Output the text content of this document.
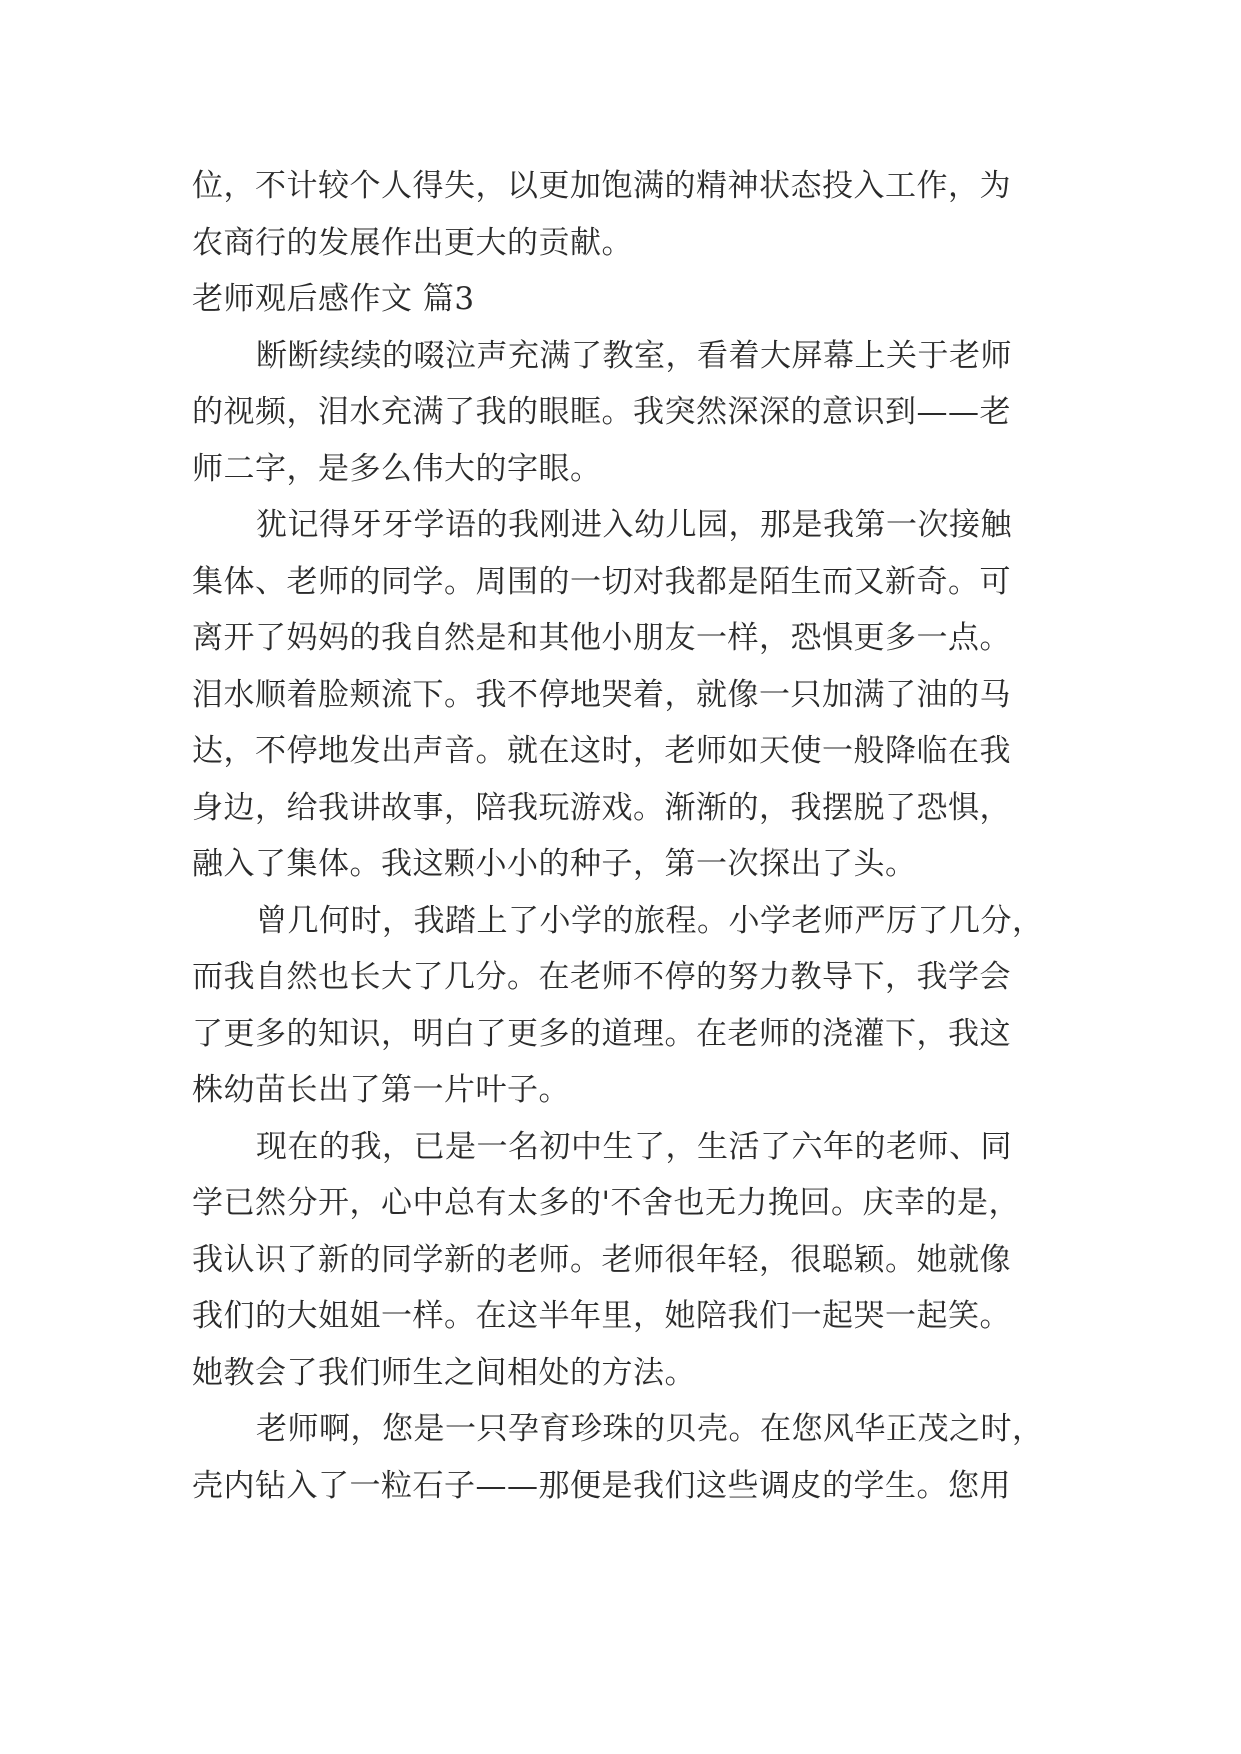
位，不计较个人得失，以更加饱满的精神状态投入工作，为
农商行的发展作出更大的贡献。
老师观后感作文 篇3
断断续续的啜泣声充满了教室，看着大屏幕上关于老师
的视频，泪水充满了我的眼眶。我突然深深的意识到——老
师二字，是多么伟大的字眼。
犹记得牙牙学语的我刚进入幼儿园，那是我第一次接触
集体、老师的同学。周围的一切对我都是陌生而又新奇。可
离开了妈妈的我自然是和其他小朋友一样，恐惧更多一点。
泪水顺着脸颊流下。我不停地哭着，就像一只加满了油的马
达，不停地发出声音。就在这时，老师如天使一般降临在我
身边，给我讲故事，陪我玩游戏。渐渐的，我摆脱了恐惧，
融入了集体。我这颗小小的种子，第一次探出了头。
曾几何时，我踏上了小学的旅程。小学老师严厉了几分，
而我自然也长大了几分。在老师不停的努力教导下，我学会
了更多的知识，明白了更多的道理。在老师的浇灌下，我这
株幼苗长出了第一片叶子。
现在的我，已是一名初中生了，生活了六年的老师、同
学已然分开，心中总有太多的'不舍也无力挽回。庆幸的是，
我认识了新的同学新的老师。老师很年轻，很聪颖。她就像
我们的大姐姐一样。在这半年里，她陪我们一起哭一起笑。
她教会了我们师生之间相处的方法。
老师啊，您是一只孕育珍珠的贝壳。在您风华正茂之时，
壳内钻入了一粒石子——那便是我们这些调皮的学生。您用
